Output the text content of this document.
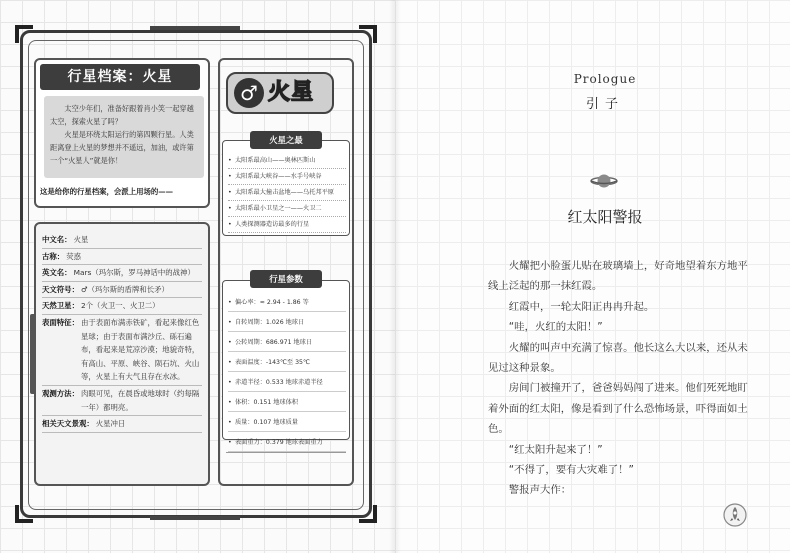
行星档案：火星

太空少年们，准备好跟着肖小笑一起穿越太空，探索火星了吗？

火星是环绕太阳运行的第四颗行星。人类距离登上火星的梦想并不遥远，加油，或许第一个“火星人”就是你！

这是给你的行星档案，会派上用场的——
中文名： 火星
古称： 荧惑
英文名： Mars（玛尔斯，罗马神话中的战神）
天文符号： ♂（玛尔斯的盾牌和长矛）
天然卫星： 2个（火卫一、火卫二）
表面特征： 由于表面布满赤铁矿，看起来像红色星球；由于表面布满沙丘、砾石遍布，看起来是荒凉沙漠；地貌奇特，有高山、平原、峡谷、陨石坑、火山等，火星上有大气且存在水冰。
观测方法： 肉眼可见，在晨昏或地球时（约每隔一年）都明亮。
相关天文景观： 火星冲日
♂ 火星
火星之最
• 太阳系最高山——奥林匹斯山
• 太阳系最大峡谷——水手号峡谷
• 太阳系最大撞击盆地——乌托邦平原
• 太阳系最小卫星之一——火卫二
• 人类探测器造访最多的行星
行星参数
• 偏心率：≈ 2.94 - 1.86 等
• 自转周期：1.026 地球日
• 公转周期：686.971 地球日
• 表面温度：-143℃至 35℃
• 赤道半径：0.533 地球赤道半径
• 体积：0.151 地球体积
• 质量：0.107 地球质量
• 表面重力：0.379 地球表面重力
Prologue
引子
红太阳警报

火耀把小脸蛋儿贴在玻璃墙上，好奇地望着东方地平线上泛起的那一抹红霞。

红霞中，一轮太阳正冉冉升起。

“哇，火红的太阳！”

火耀的叫声中充满了惊喜。他长这么大以来，还从未见过这种景象。

房间门被撞开了，爸爸妈妈闯了进来。他们死死地盯着外面的红太阳，像是看到了什么恐怖场景，吓得面如土色。

“红太阳升起来了！”

“不得了，要有大灾难了！”

警报声大作：
